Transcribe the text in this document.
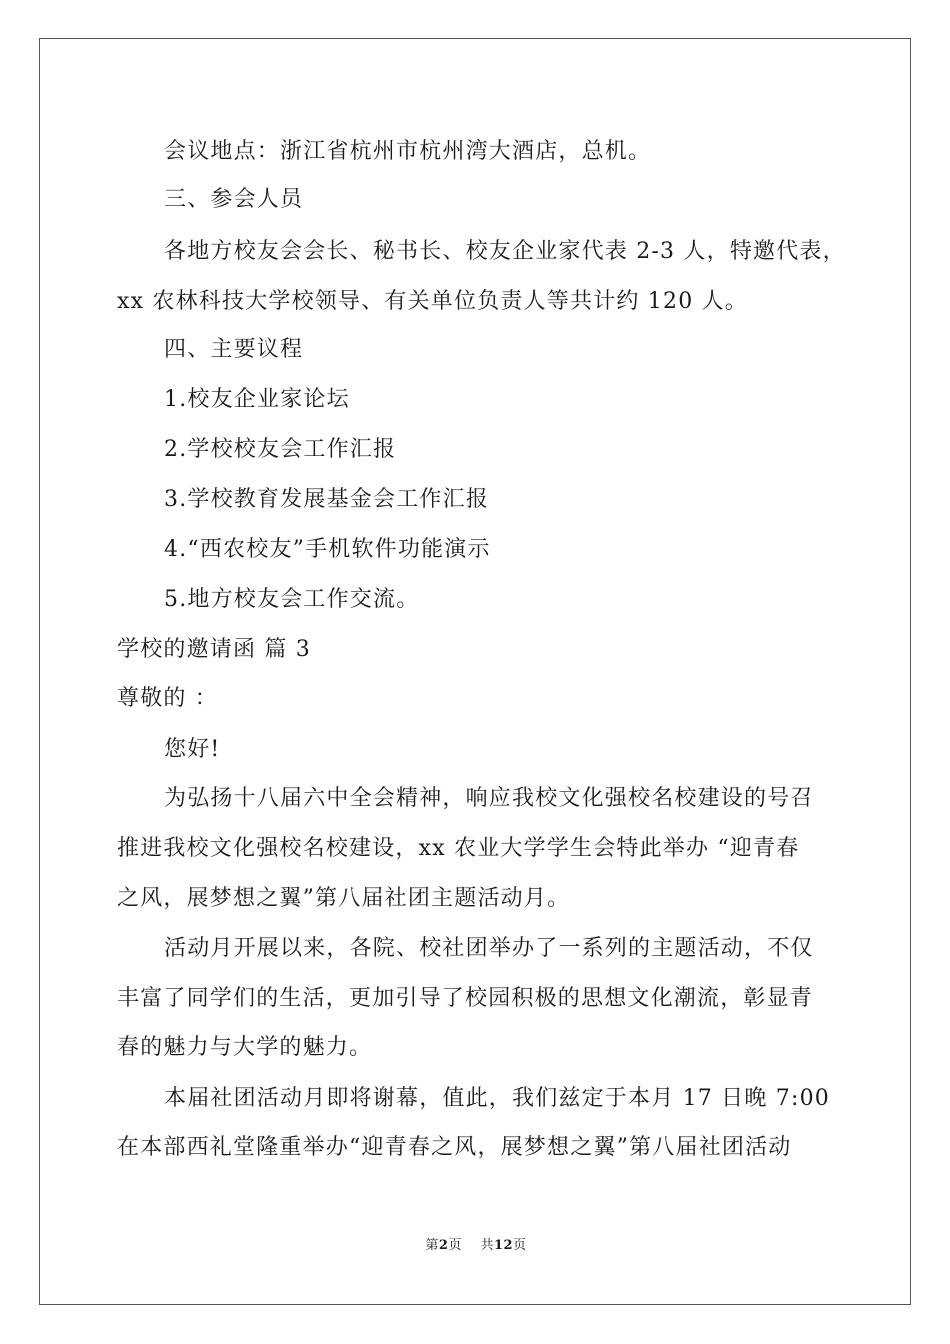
会议地点：浙江省杭州市杭州湾大酒店，总机。
三、参会人员
各地方校友会会长、秘书长、校友企业家代表 2-3 人，特邀代表，
xx 农林科技大学校领导、有关单位负责人等共计约 120 人。
四、主要议程
1.校友企业家论坛
2.学校校友会工作汇报
3.学校教育发展基金会工作汇报
4.“西农校友”手机软件功能演示
5.地方校友会工作交流。
学校的邀请函 篇 3
尊敬的 ：
您好!
为弘扬十八届六中全会精神，响应我校文化强校名校建设的号召
推进我校文化强校名校建设，xx 农业大学学生会特此举办 “迎青春
之风，展梦想之翼”第八届社团主题活动月。
活动月开展以来，各院、校社团举办了一系列的主题活动，不仅
丰富了同学们的生活，更加引导了校园积极的思想文化潮流，彰显青
春的魅力与大学的魅力。
本届社团活动月即将谢幕，值此，我们兹定于本月 17 日晚 7:00
在本部西礼堂隆重举办“迎青春之风，展梦想之翼”第八届社团活动
第2页    共12页
